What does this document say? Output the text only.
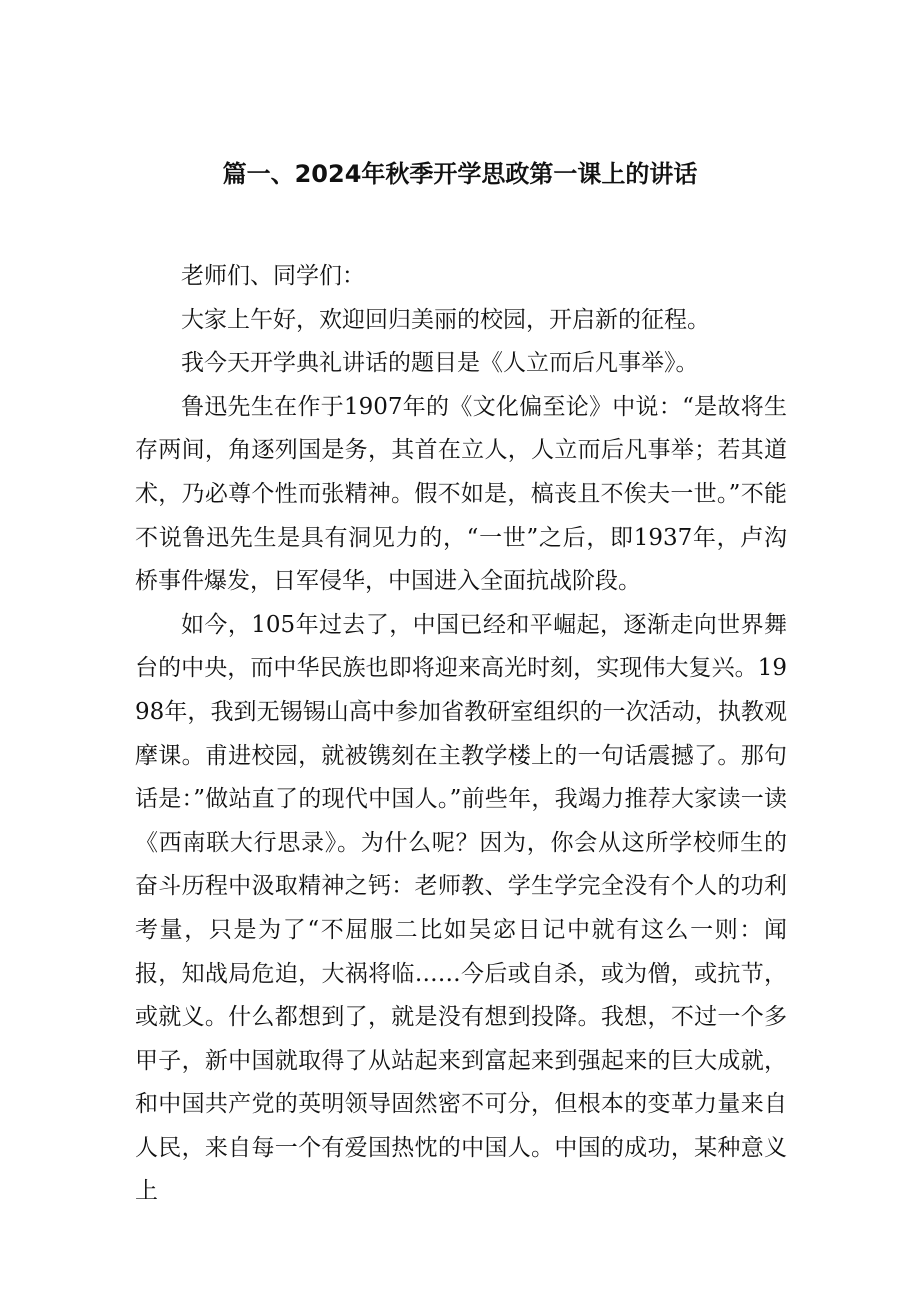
篇一、2024年秋季开学思政第一课上的讲话

老师们、同学们：

大家上午好，欢迎回归美丽的校园，开启新的征程。

我今天开学典礼讲话的题目是《人立而后凡事举》。

鲁迅先生在作于1907年的《文化偏至论》中说：“是故将生存两间，角逐列国是务，其首在立人，人立而后凡事举；若其道术，乃必尊个性而张精神。假不如是，槁丧且不俟夫一世。”不能不说鲁迅先生是具有洞见力的，“一世”之后，即1937年，卢沟桥事件爆发，日军侵华，中国进入全面抗战阶段。

如今，105年过去了，中国已经和平崛起，逐渐走向世界舞台的中央，而中华民族也即将迎来高光时刻，实现伟大复兴。1998年，我到无锡锡山高中参加省教研室组织的一次活动，执教观摩课。甫进校园，就被镌刻在主教学楼上的一句话震撼了。那句话是：”做站直了的现代中国人。”前些年，我竭力推荐大家读一读《西南联大行思录》。为什么呢？因为，你会从这所学校师生的奋斗历程中汲取精神之钙：老师教、学生学完全没有个人的功利考量，只是为了“不屈服二比如吴宓日记中就有这么一则：闻报，知战局危迫，大祸将临……今后或自杀，或为僧，或抗节，或就义。什么都想到了，就是没有想到投降。我想，不过一个多甲子，新中国就取得了从站起来到富起来到强起来的巨大成就，和中国共产党的英明领导固然密不可分，但根本的变革力量来自人民，来自每一个有爱国热忱的中国人。中国的成功，某种意义上
